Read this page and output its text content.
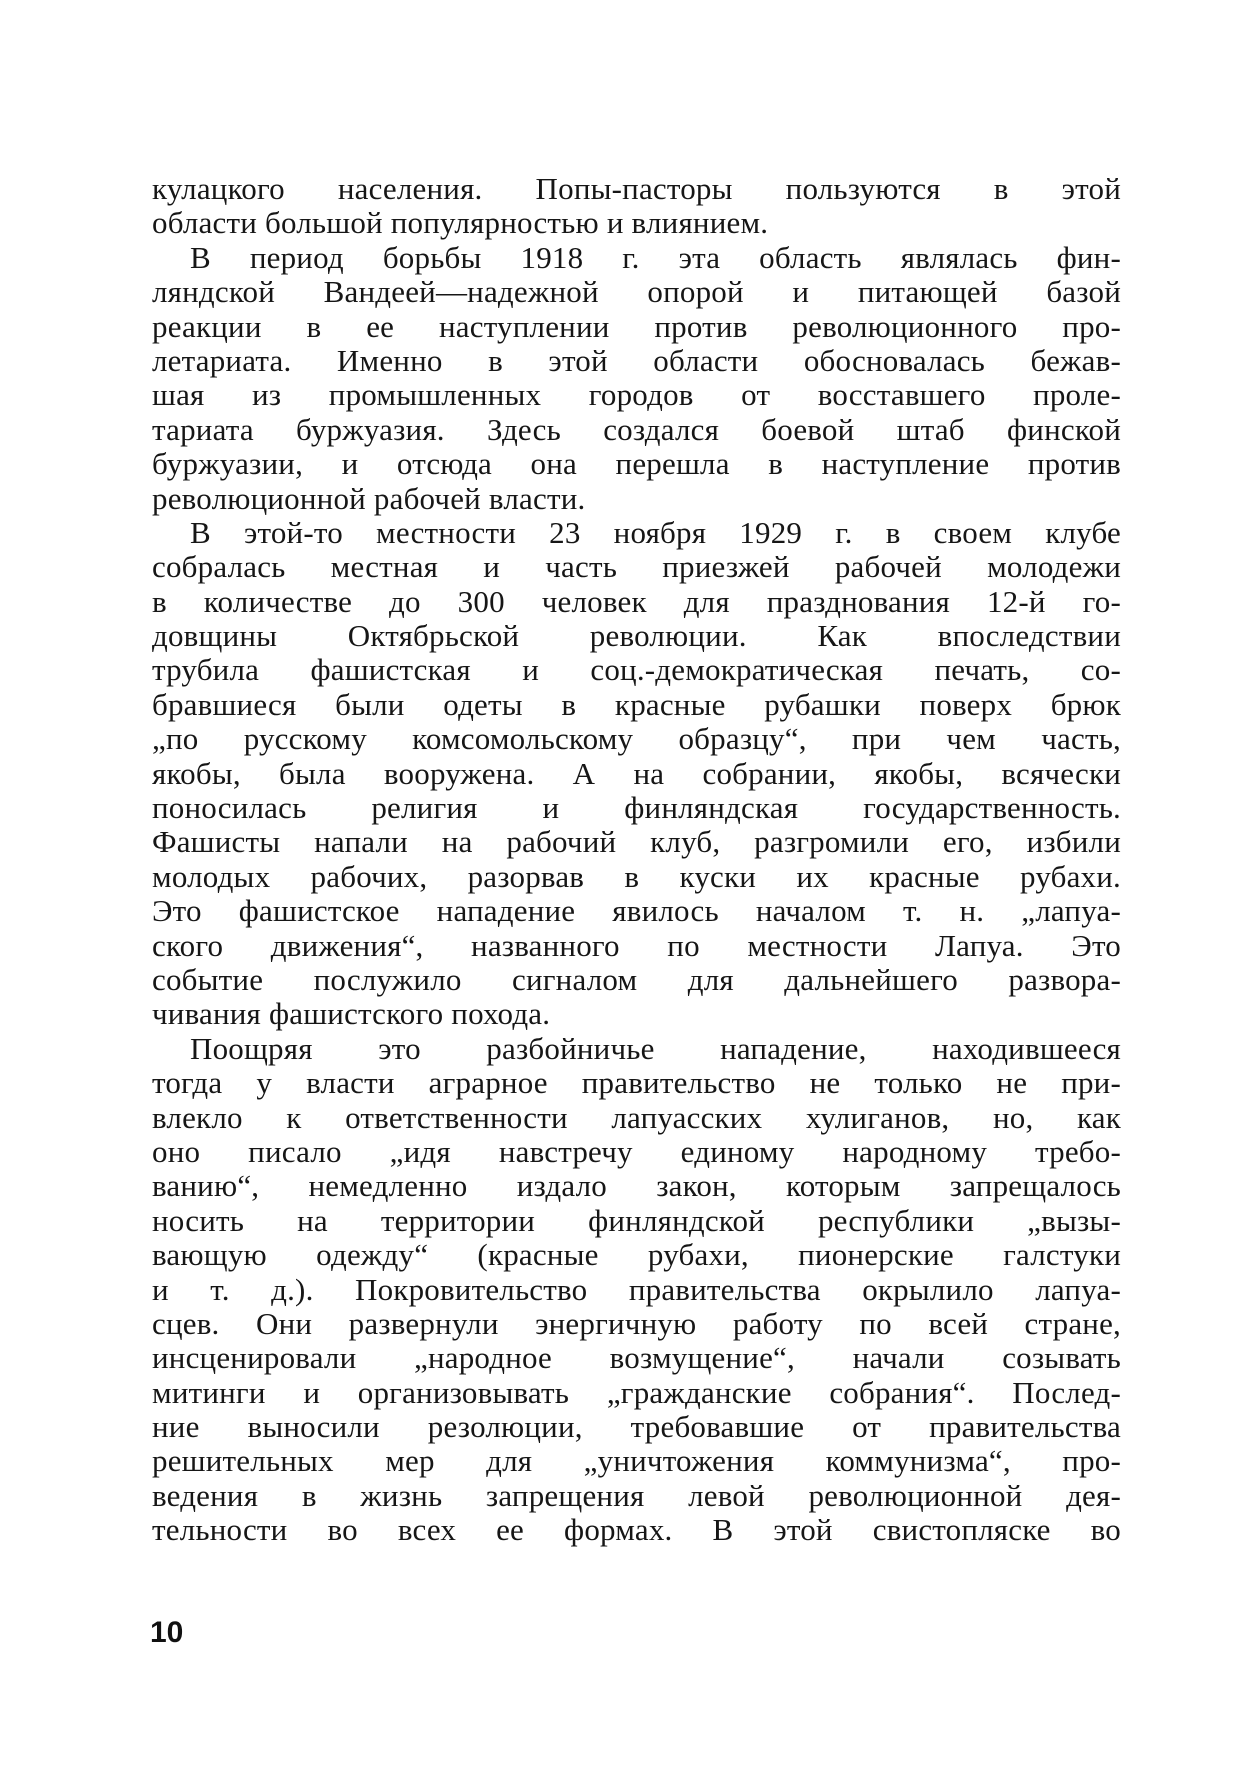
кулацкого населения. Попы-пасторы пользуются в этой
области большой популярностью и влиянием.
В период борьбы 1918 г. эта область являлась фин-
ляндской Вандеей—надежной опорой и питающей базой
реакции в ее наступлении против революционного про-
летариата. Именно в этой области обосновалась бежав-
шая из промышленных городов от восставшего проле-
тариата буржуазия. Здесь создался боевой штаб финской
буржуазии, и отсюда она перешла в наступление против
революционной рабочей власти.
В этой-то местности 23 ноября 1929 г. в своем клубе
собралась местная и часть приезжей рабочей молодежи
в количестве до 300 человек для празднования 12-й го-
довщины Октябрьской революции. Как впоследствии
трубила фашистская и соц.-демократическая печать, со-
бравшиеся были одеты в красные рубашки поверх брюк
„по русскому комсомольскому образцу“, при чем часть,
якобы, была вооружена. А на собрании, якобы, всячески
поносилась религия и финляндская государственность.
Фашисты напали на рабочий клуб, разгромили его, избили
молодых рабочих, разорвав в куски их красные рубахи.
Это фашистское нападение явилось началом т. н. „лапуа-
ского движения“, названного по местности Лапуа. Это
событие послужило сигналом для дальнейшего развора-
чивания фашистского похода.
Поощряя это разбойничье нападение, находившееся
тогда у власти аграрное правительство не только не при-
влекло к ответственности лапуасских хулиганов, но, как
оно писало „идя навстречу единому народному требо-
ванию“, немедленно издало закон, которым запрещалось
носить на территории финляндской республики „вызы-
вающую одежду“ (красные рубахи, пионерские галстуки
и т. д.). Покровительство правительства окрылило лапуа-
сцев. Они развернули энергичную работу по всей стране,
инсценировали „народное возмущение“, начали созывать
митинги и организовывать „гражданские собрания“. Послед-
ние выносили резолюции, требовавшие от правительства
решительных мер для „уничтожения коммунизма“, про-
ведения в жизнь запрещения левой революционной дея-
тельности во всех ее формах. В этой свистопляске во
10
